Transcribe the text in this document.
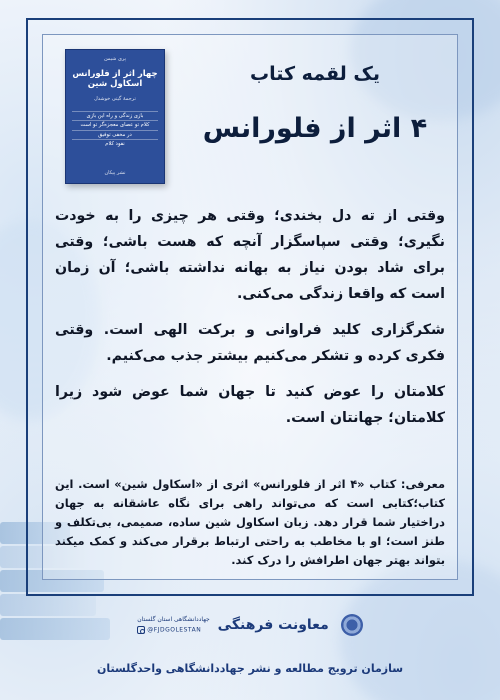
پری شیمن
چهار اثر از فلورانس اسکاول شین
ترجمهٔ گیتی خوشدل
بازی زندگی و راه این بازی
کلام تو عصای معجزه‌گر تو است
در مخفی توفیق
نفوذ کلام
نشر پیکان
یک لقمه کتاب
۴ اثر از فلورانس

وقتی از ته دل بخندی؛ وقتی هر چیزی را به خودت نگیری؛ وقتی سپاسگزار آنچه که هست باشی؛ وقتی برای شاد بودن نیاز به بهانه نداشته باشی؛ آن زمان است که واقعا زندگی می‌کنی.

شکرگزاری کلید فراوانی و برکت الهی است. وقتی فکری کرده و تشکر می‌کنیم بیشتر جذب می‌کنیم.

کلامتان را عوض کنید تا جهان شما عوض شود زیرا کلامتان؛ جهانتان است.

معرفی: کتاب «۴ اثر از فلورانس» اثری از «اسکاول شین» است. این کتاب؛کتابی است که می‌تواند راهی برای نگاه عاشقانه به جهان دراختیار شما قرار دهد. زبان اسکاول شین ساده، صمیمی، بی‌تکلف و طنز است؛ او با مخاطب به راحتی ارتباط برقرار می‌کند و کمک میکند بتواند بهتر جهان اطرافش را درک کند.
جهاددانشگاهی استان گلستان
@FJDGOLESTAN معاونت فرهنگی
سازمان ترویج مطالعه و نشر جهاددانشگاهی واحدگلستان
